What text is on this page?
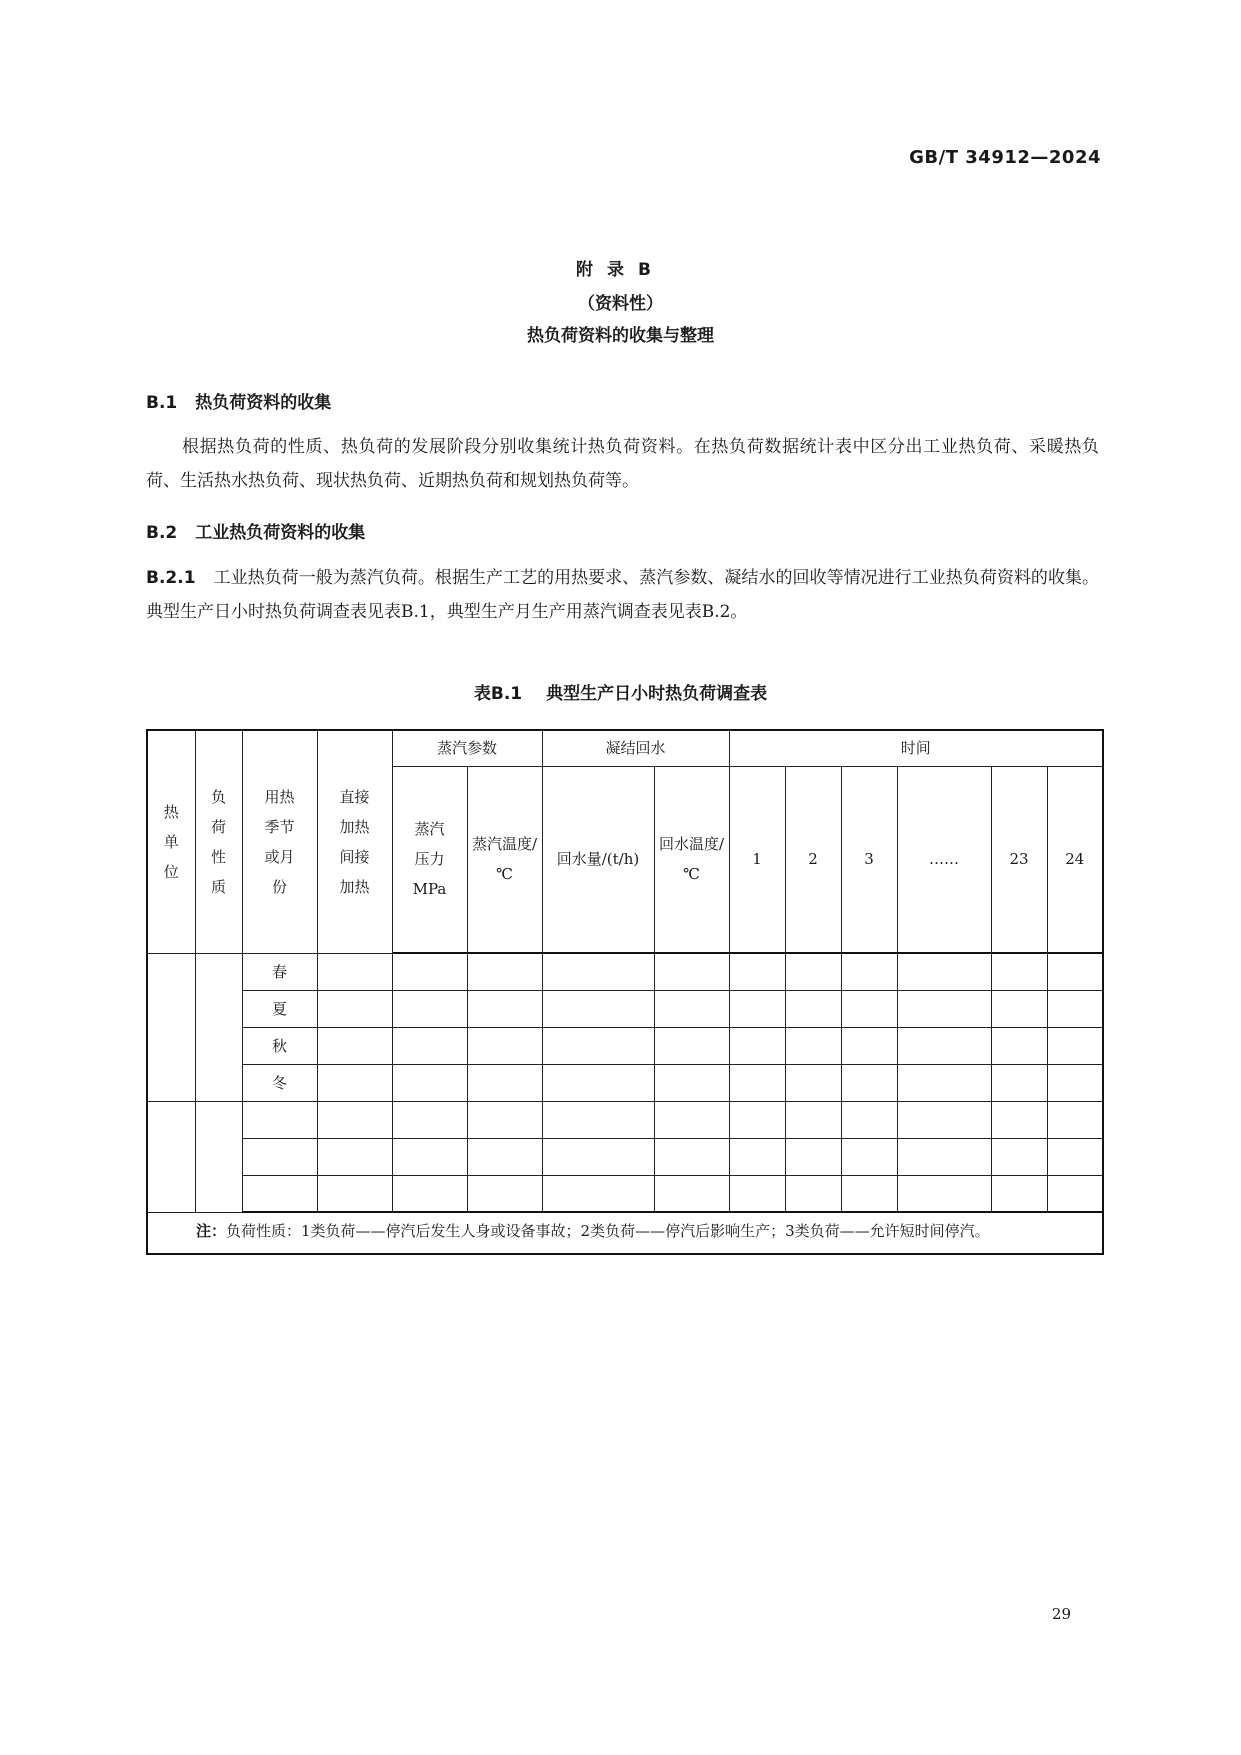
GB/T 34912—2024
附录B
（资料性）
热负荷资料的收集与整理
B.1 热负荷资料的收集
根据热负荷的性质、热负荷的发展阶段分别收集统计热负荷资料。在热负荷数据统计表中区分出工业热负荷、采暖热负荷、生活热水热负荷、现状热负荷、近期热负荷和规划热负荷等。
B.2 工业热负荷资料的收集
B.2.1 工业热负荷一般为蒸汽负荷。根据生产工艺的用热要求、蒸汽参数、凝结水的回收等情况进行工业热负荷资料的收集。典型生产日小时热负荷调查表见表B.1，典型生产月生产用蒸汽调查表见表B.2。
表B.1 典型生产日小时热负荷调查表
热单位	负荷性质	用热季节或月份	直接加热间接加热	蒸汽参数		凝结回水		时间					
				蒸汽压力MPa	蒸汽温度/℃	回水量/(t/h)	回水温度/℃	1	2	3	……	23	24
		春											
		夏											
		秋											
		冬											

注：负荷性质：1类负荷——停汽后发生人身或设备事故；2类负荷——停汽后影响生产；3类负荷——允许短时间停汽。													
29
